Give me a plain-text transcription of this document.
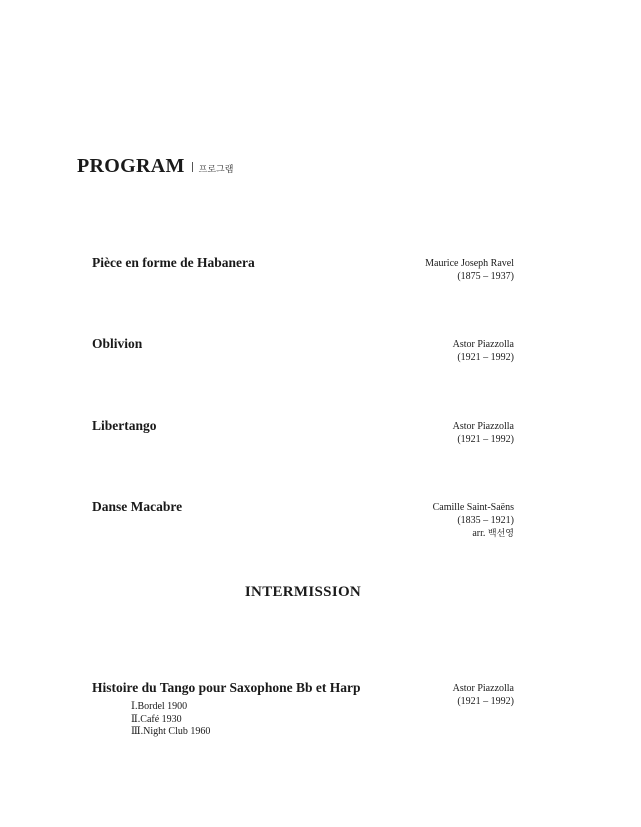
PROGRAM 프로그램
Pièce en forme de Habanera	Maurice Joseph Ravel
(1875 – 1937)
Oblivion	Astor Piazzolla
(1921 – 1992)
Libertango	Astor Piazzolla
(1921 – 1992)
Danse Macabre	Camille Saint-Saëns
(1835 – 1921)
arr. 백선영
INTERMISSION
Histoire du Tango pour Saxophone Bb et Harp	Astor Piazzolla
(1921 – 1992)
Ⅰ.Bordel 1900
Ⅱ.Café 1930
Ⅲ.Night Club 1960
